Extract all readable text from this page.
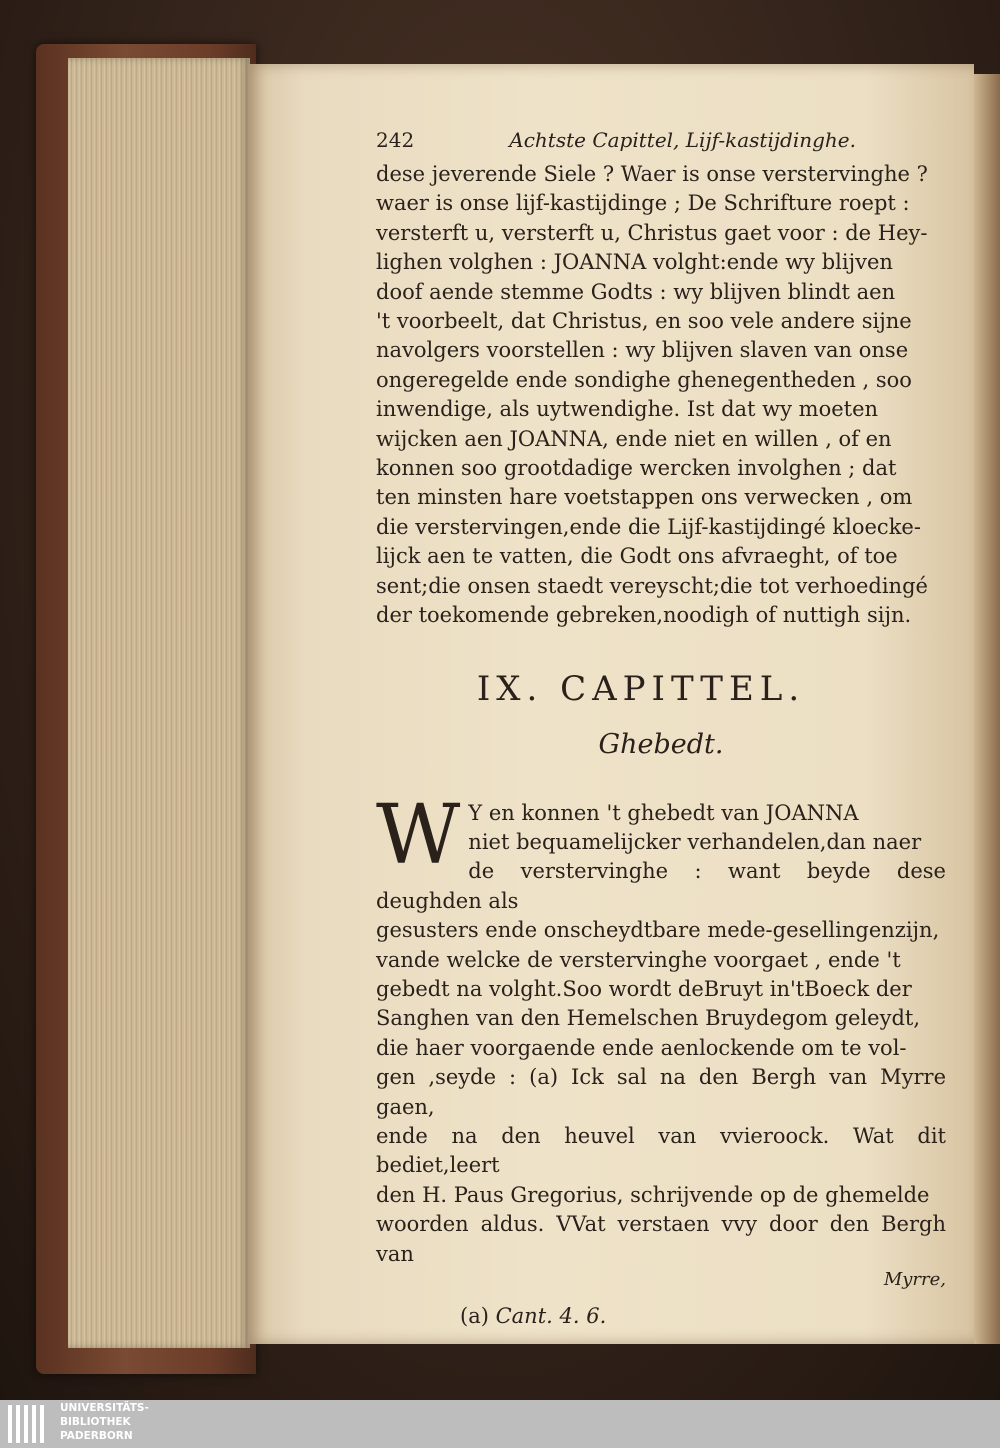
242	Achtste Capittel, Lijf-kastijdinghe.
dese jeverende Siele ? Waer is onse verstervinghe ?
waer is onse lijf-kastijdinge ; De Schrifture roept :
versterft u, versterft u, Christus gaet voor : de Hey-
lighen volghen : JOANNA volght:ende wy blijven
doof aende stemme Godts : wy blijven blindt aen
't voorbeelt, dat Christus, en soo vele andere sijne
navolgers voorstellen : wy blijven slaven van onse
ongeregelde ende sondighe ghenegentheden , soo
inwendige, als uytwendighe. Ist dat wy moeten
wijcken aen JOANNA, ende niet en willen , of en
konnen soo grootdadige wercken involghen ; dat
ten minsten hare voetstappen ons verwecken , om
die verstervingen,ende die Lijf-kastijdingé kloecke-
lijck aen te vatten, die Godt ons afvraeght, of toe
sent;die onsen staedt vereyscht;die tot verhoedingé
der toekomende gebreken,noodigh of nuttigh sijn.
IX. CAPITTEL.
Ghebedt.
W Y en konnen 't ghebedt van JOANNA
niet bequamelijcker verhandelen,dan naer
de verstervinghe : want beyde dese deughden als
gesusters ende onscheydtbare mede-gesellingenzijn,
vande welcke de verstervinghe voorgaet , ende 't
gebedt na volght.Soo wordt deBruyt in'tBoeck der
Sanghen van den Hemelschen Bruydegom geleydt,
die haer voorgaende ende aenlockende om te vol-
gen ,seyde : (a) Ick sal na den Bergh van Myrre gaen,
ende na den heuvel van vvieroock. Wat dit bediet,leert
den H. Paus Gregorius, schrijvende op de ghemelde
woorden aldus. VVat verstaen vvy door den Bergh van

Myrre,
(a) Cant. 4. 6.
UNIVERSITÄTS-
BIBLIOTHEK
PADERBORN
